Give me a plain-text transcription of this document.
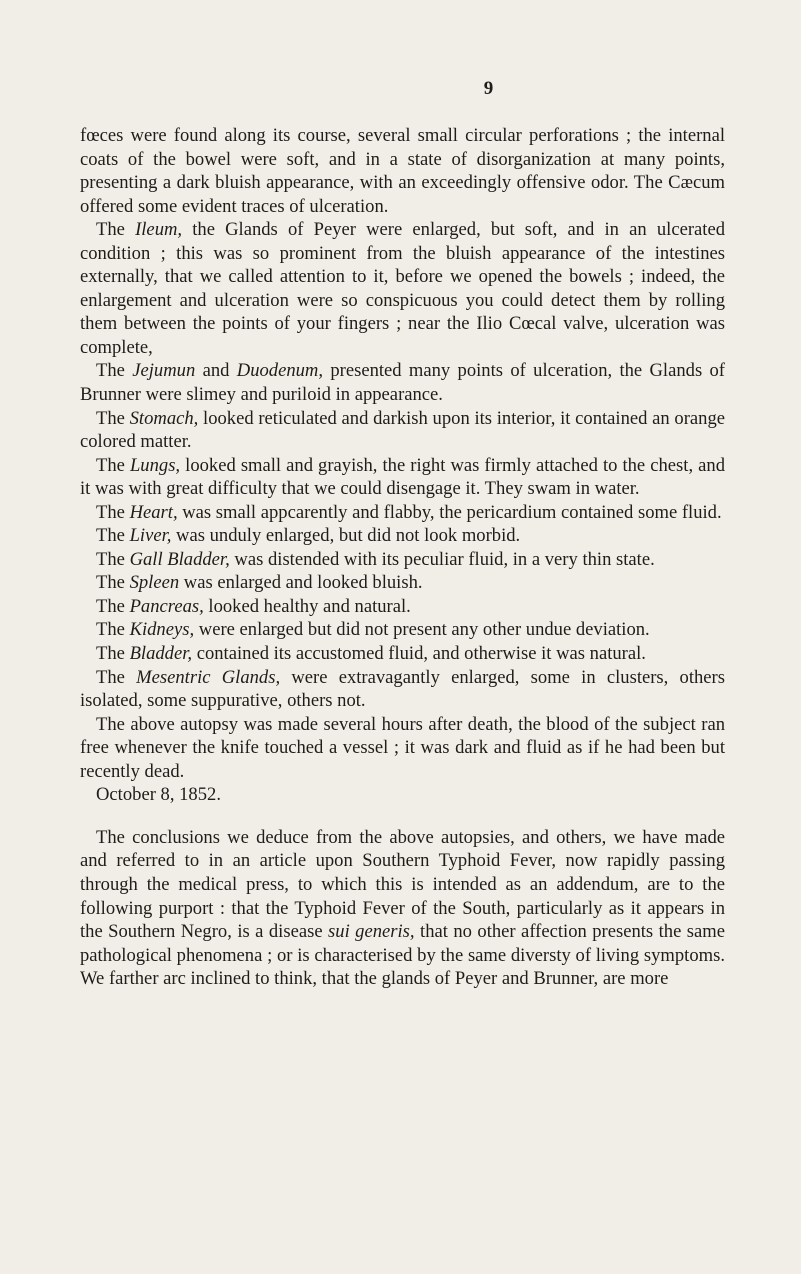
9

fœces were found along its course, several small circular perforations ; the internal coats of the bowel were soft, and in a state of disorganization at many points, presenting a dark bluish appearance, with an exceedingly offensive odor. The Cæcum offered some evident traces of ulceration.

The Ileum, the Glands of Peyer were enlarged, but soft, and in an ulcerated condition ; this was so prominent from the bluish appearance of the intestines externally, that we called attention to it, before we opened the bowels ; indeed, the enlargement and ulceration were so conspicuous you could detect them by rolling them between the points of your fingers ; near the Ilio Cœcal valve, ulceration was complete,

The Jejumun and Duodenum, presented many points of ulceration, the Glands of Brunner were slimey and puriloid in appearance.

The Stomach, looked reticulated and darkish upon its interior, it contained an orange colored matter.

The Lungs, looked small and grayish, the right was firmly attached to the chest, and it was with great difficulty that we could disengage it. They swam in water.

The Heart, was small appcarently and flabby, the pericardium contained some fluid.

The Liver, was unduly enlarged, but did not look morbid.

The Gall Bladder, was distended with its peculiar fluid, in a very thin state.

The Spleen was enlarged and looked bluish.

The Pancreas, looked healthy and natural.

The Kidneys, were enlarged but did not present any other undue deviation.

The Bladder, contained its accustomed fluid, and otherwise it was natural.

The Mesentric Glands, were extravagantly enlarged, some in clusters, others isolated, some suppurative, others not.

The above autopsy was made several hours after death, the blood of the subject ran free whenever the knife touched a vessel ; it was dark and fluid as if he had been but recently dead.

October 8, 1852.

The conclusions we deduce from the above autopsies, and others, we have made and referred to in an article upon Southern Typhoid Fever, now rapidly passing through the medical press, to which this is intended as an addendum, are to the following purport : that the Typhoid Fever of the South, particularly as it appears in the Southern Negro, is a disease sui generis, that no other affection presents the same pathological phenomena ; or is characterised by the same diversty of living symptoms. We farther arc inclined to think, that the glands of Peyer and Brunner, are more
